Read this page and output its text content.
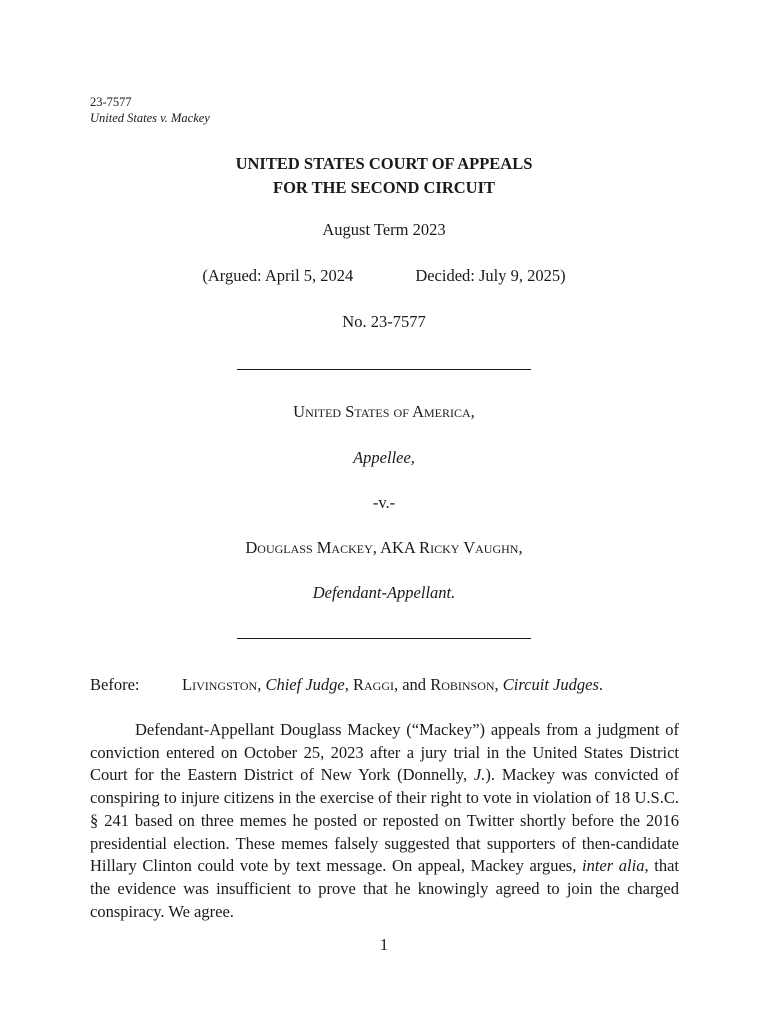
23-7577
United States v. Mackey
UNITED STATES COURT OF APPEALS
FOR THE SECOND CIRCUIT
August Term 2023
(Argued: April 5, 2024	Decided: July 9, 2025)
No. 23-7577
United States of America,
Appellee,
-v.-
Douglass Mackey, AKA Ricky Vaughn,
Defendant-Appellant.
Before:	Livingston, Chief Judge, Raggi, and Robinson, Circuit Judges.
Defendant-Appellant Douglass Mackey (“Mackey”) appeals from a judgment of conviction entered on October 25, 2023 after a jury trial in the United States District Court for the Eastern District of New York (Donnelly, J.). Mackey was convicted of conspiring to injure citizens in the exercise of their right to vote in violation of 18 U.S.C. § 241 based on three memes he posted or reposted on Twitter shortly before the 2016 presidential election. These memes falsely suggested that supporters of then-candidate Hillary Clinton could vote by text message. On appeal, Mackey argues, inter alia, that the evidence was insufficient to prove that he knowingly agreed to join the charged conspiracy. We agree.
1
